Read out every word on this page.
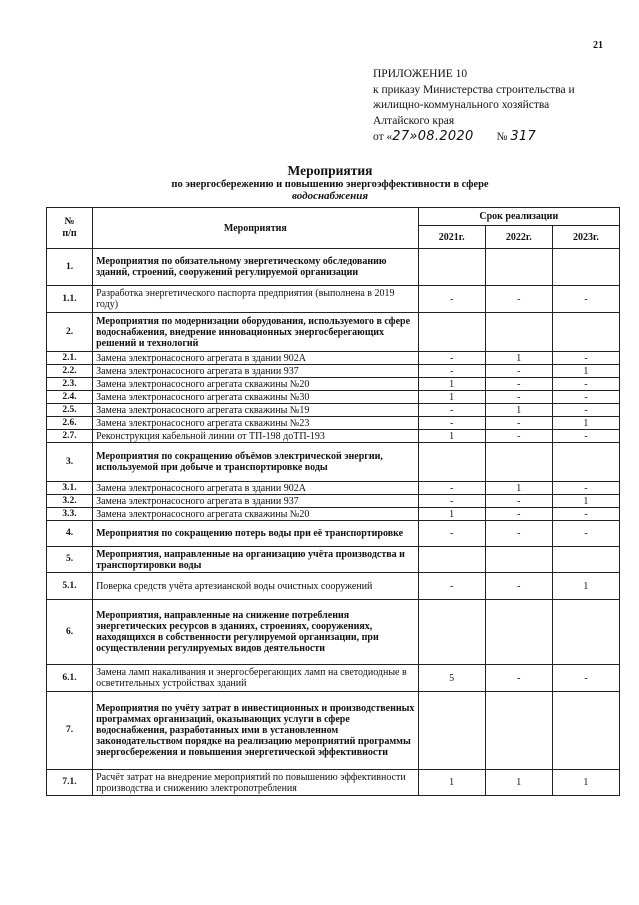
21
ПРИЛОЖЕНИЕ 10
к приказу Министерства строительства и
жилищно-коммунального хозяйства
Алтайского края
от «27»08.2020 № 317
Мероприятия
по энергосбережению и повышению энергоэффективности в сфере
водоснабжения
№
п/п	Мероприятия	Срок реализации		
		2021г.	2022г.	2023г.
1.	Мероприятия по обязательному энергетическому обследованию зданий, строений, сооружений регулируемой организации			
1.1.	Разработка энергетического паспорта предприятия (выполнена в 2019 году)	-	-	-
2.	Мероприятия по модернизации оборудования, используемого в сфере водоснабжения, внедрение инновационных энергосберегающих решений и технологий			
2.1.	Замена электронасосного агрегата в здании 902А	-	1	-
2.2.	Замена электронасосного агрегата в здании 937	-	-	1
2.3.	Замена электронасосного агрегата скважины №20	1	-	-
2.4.	Замена электронасосного агрегата скважины №30	1	-	-
2.5.	Замена электронасосного агрегата скважины №19	-	1	-
2.6.	Замена электронасосного агрегата скважины №23	-	-	1
2.7.	Реконструкция кабельной линии от ТП-198 доТП-193	1	-	-
3.	Мероприятия по сокращению объёмов электрической энергии, используемой при добыче и транспортировке воды			
3.1.	Замена электронасосного агрегата в здании 902А	-	1	-
3.2.	Замена электронасосного агрегата в здании 937	-	-	1
3.3.	Замена электронасосного агрегата скважины №20	1	-	-
4.	Мероприятия по сокращению потерь воды при её транспортировке	-	-	-
5.	Мероприятия, направленные на организацию учёта производства и транспортировки воды			
5.1.	Поверка средств учёта артезианской воды очистных сооружений	-	-	1
6.	Мероприятия, направленные на снижение потребления энергетических ресурсов в зданиях, строениях, сооружениях, находящихся в собственности регулируемой организации, при осуществлении регулируемых видов деятельности			
6.1.	Замена ламп накаливания и энергосберегающих ламп на светодиодные в осветительных устройствах зданий	5	-	-
7.	Мероприятия по учёту затрат в инвестиционных и производственных программах организаций, оказывающих услуги в сфере водоснабжения, разработанных ими в установленном законодательством порядке на реализацию мероприятий программы энергосбережения и повышения энергетической эффективности			
7.1.	Расчёт затрат на внедрение мероприятий по повышению эффективности производства и снижению электропотребления	1	1	1
